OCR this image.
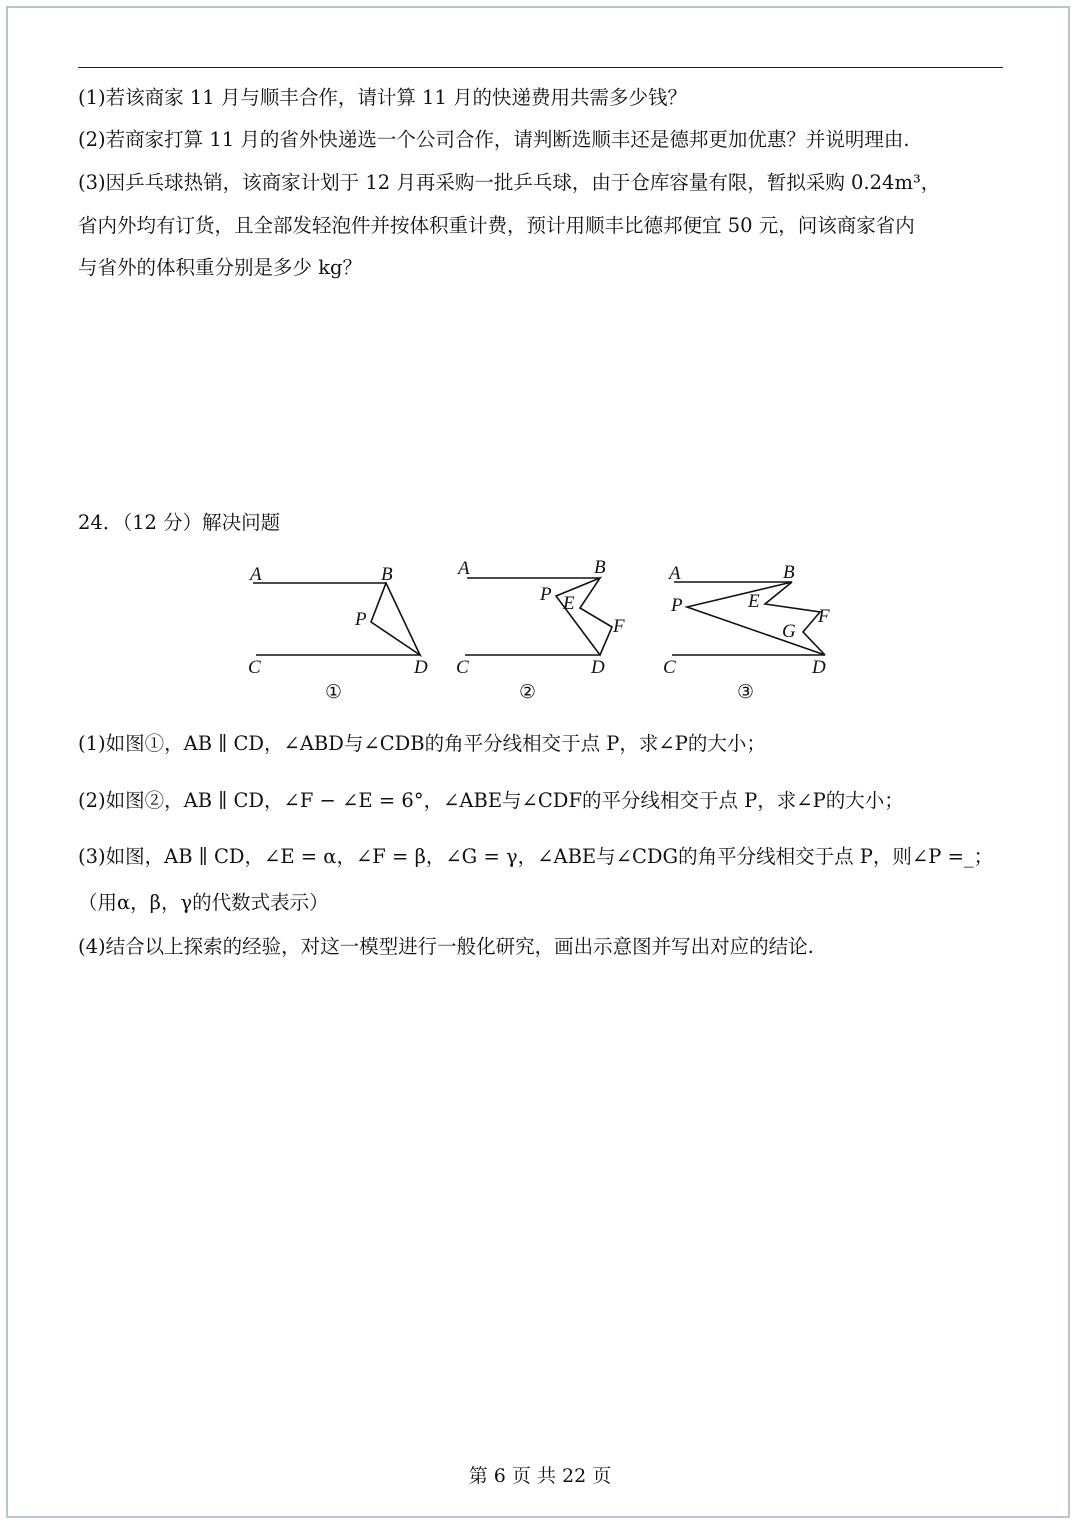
(1)若该商家 11 月与顺丰合作，请计算 11 月的快递费用共需多少钱？
(2)若商家打算 11 月的省外快递选一个公司合作，请判断选顺丰还是德邦更加优惠？并说明理由.
(3)因乒乓球热销，该商家计划于 12 月再采购一批乒乓球，由于仓库容量有限，暂拟采购 0.24m³，
省内外均有订货，且全部发轻泡件并按体积重计费，预计用顺丰比德邦便宜 50 元，问该商家省内
与省外的体积重分别是多少 kg？
24．（12 分）解决问题
A	B
P
C	D
①
A	B
P E
F
C	D
②
A	B
P	E
F
G
C	D
③
(1)如图①，AB ∥ CD，∠ABD与∠CDB的角平分线相交于点 P，求∠P的大小；
(2)如图②，AB ∥ CD，∠F − ∠E = 6°，∠ABE与∠CDF的平分线相交于点 P，求∠P的大小；
(3)如图，AB ∥ CD，∠E = α，∠F = β，∠G = γ，∠ABE与∠CDG的角平分线相交于点 P，则∠P =_；
（用α，β，γ的代数式表示）
(4)结合以上探索的经验，对这一模型进行一般化研究，画出示意图并写出对应的结论.
第 6 页 共 22 页
